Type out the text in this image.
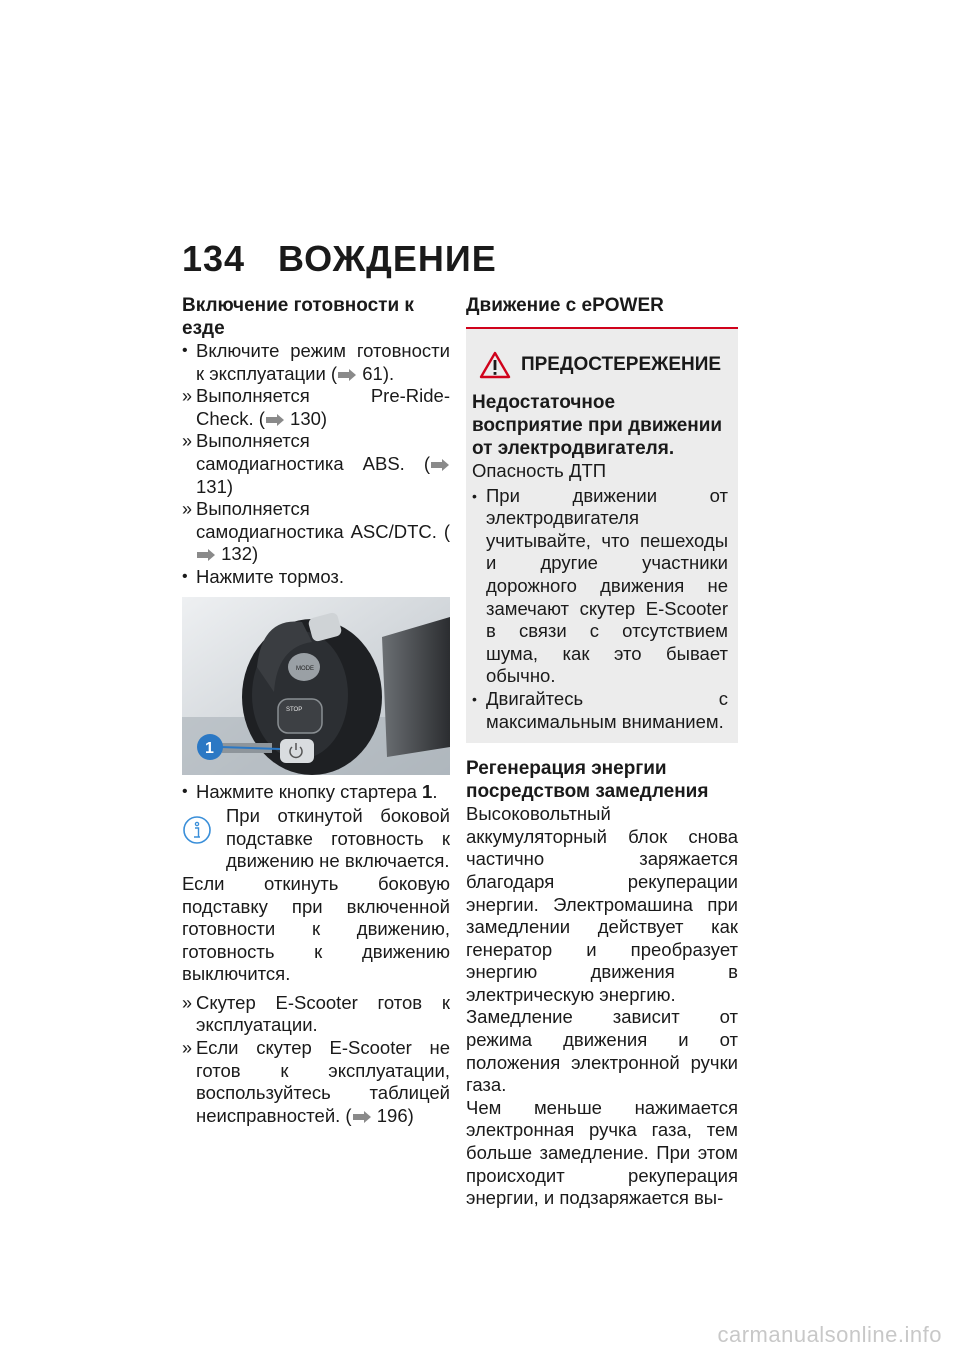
134 ВОЖДЕНИЕ
Включение готовности к езде
• Включите режим готовности к эксплуатации ( 61).
» Выполняется Pre-Ride-Check. ( 130)
» Выполняется самодиагностика ABS. ( 131)
» Выполняется самодиагностика ASC/DTC. ( 132)
• Нажмите тормоз.
MODE
STOP
1
• Нажмите кнопку стартера 1.
При откинутой боковой подставке готовность к движению не включается.
Если откинуть боковую подставку при включенной готовности к движению, готовность к движению выключится.
» Скутер E-Scooter готов к эксплуатации.
» Если скутер E-Scooter не готов к эксплуатации, воспользуйтесь таблицей неисправностей. ( 196)
Движение с ePOWER
ПРЕДОСТЕРЕЖЕНИЕ
Недостаточное восприятие при движении от электродвигателя.
Опасность ДТП
• При движении от электродвигателя учитывайте, что пешеходы и другие участники дорожного движения не замечают скутер E-Scooter в связи с отсутствием шума, как это бывает обычно.
• Двигайтесь с максимальным вниманием.
Регенерация энергии посредством замедления
Высоковольтный аккумуляторный блок снова частично заряжается благодаря рекуперации энергии. Электромашина при замедлении действует как генератор и преобразует энергию движения в электрическую энергию.
Замедление зависит от режима движения и от положения электронной ручки газа.
Чем меньше нажимается электронная ручка газа, тем больше замедление. При этом происходит рекуперация энергии, и подзаряжается вы-
carmanualsonline.info
